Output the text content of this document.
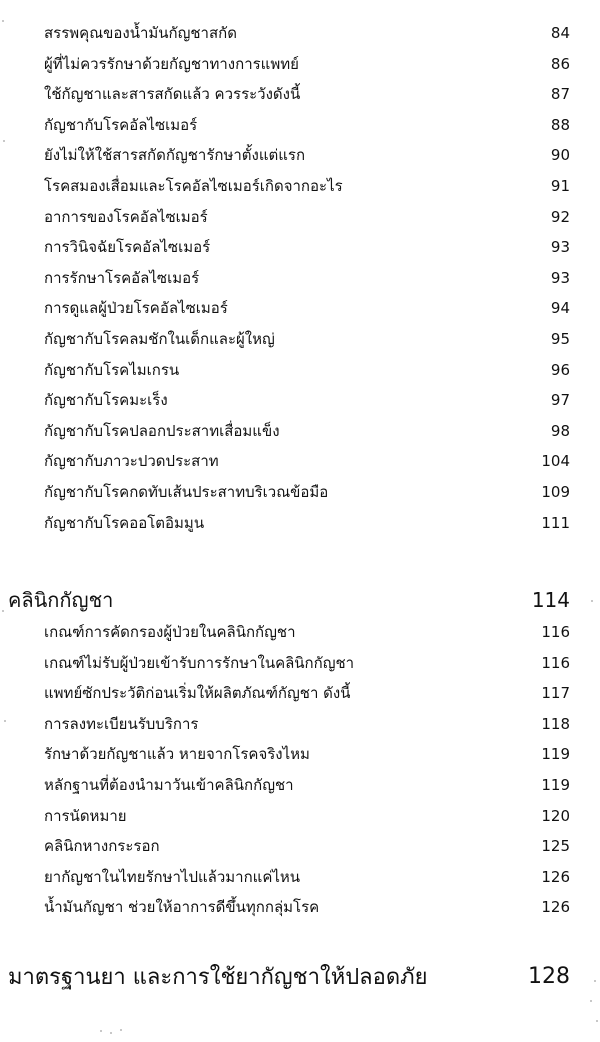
สรรพคุณของน้ำมันกัญชาสกัด	84
ผู้ที่ไม่ควรรักษาด้วยกัญชาทางการแพทย์	86
ใช้กัญชาและสารสกัดแล้ว ควรระวังดังนี้	87
กัญชากับโรคอัลไซเมอร์	88
ยังไม่ให้ใช้สารสกัดกัญชารักษาตั้งแต่แรก	90
โรคสมองเสื่อมและโรคอัลไซเมอร์เกิดจากอะไร	91
อาการของโรคอัลไซเมอร์	92
การวินิจฉัยโรคอัลไซเมอร์	93
การรักษาโรคอัลไซเมอร์	93
การดูแลผู้ป่วยโรคอัลไซเมอร์	94
กัญชากับโรคลมชักในเด็กและผู้ใหญ่	95
กัญชากับโรคไมเกรน	96
กัญชากับโรคมะเร็ง	97
กัญชากับโรคปลอกประสาทเสื่อมแข็ง	98
กัญชากับภาวะปวดประสาท	104
กัญชากับโรคกดทับเส้นประสาทบริเวณข้อมือ	109
กัญชากับโรคออโตอิมมูน	111
คลินิกกัญชา	114
เกณฑ์การคัดกรองผู้ป่วยในคลินิกกัญชา	116
เกณฑ์ไม่รับผู้ป่วยเข้ารับการรักษาในคลินิกกัญชา	116
แพทย์ซักประวัติก่อนเริ่มให้ผลิตภัณฑ์กัญชา ดังนี้	117
การลงทะเบียนรับบริการ	118
รักษาด้วยกัญชาแล้ว หายจากโรคจริงไหม	119
หลักฐานที่ต้องนำมาวันเข้าคลินิกกัญชา	119
การนัดหมาย	120
คลินิกหางกระรอก	125
ยากัญชาในไทยรักษาไปแล้วมากแค่ไหน	126
น้ำมันกัญชา ช่วยให้อาการดีขึ้นทุกกลุ่มโรค	126
มาตรฐานยา และการใช้ยากัญชาให้ปลอดภัย	128
